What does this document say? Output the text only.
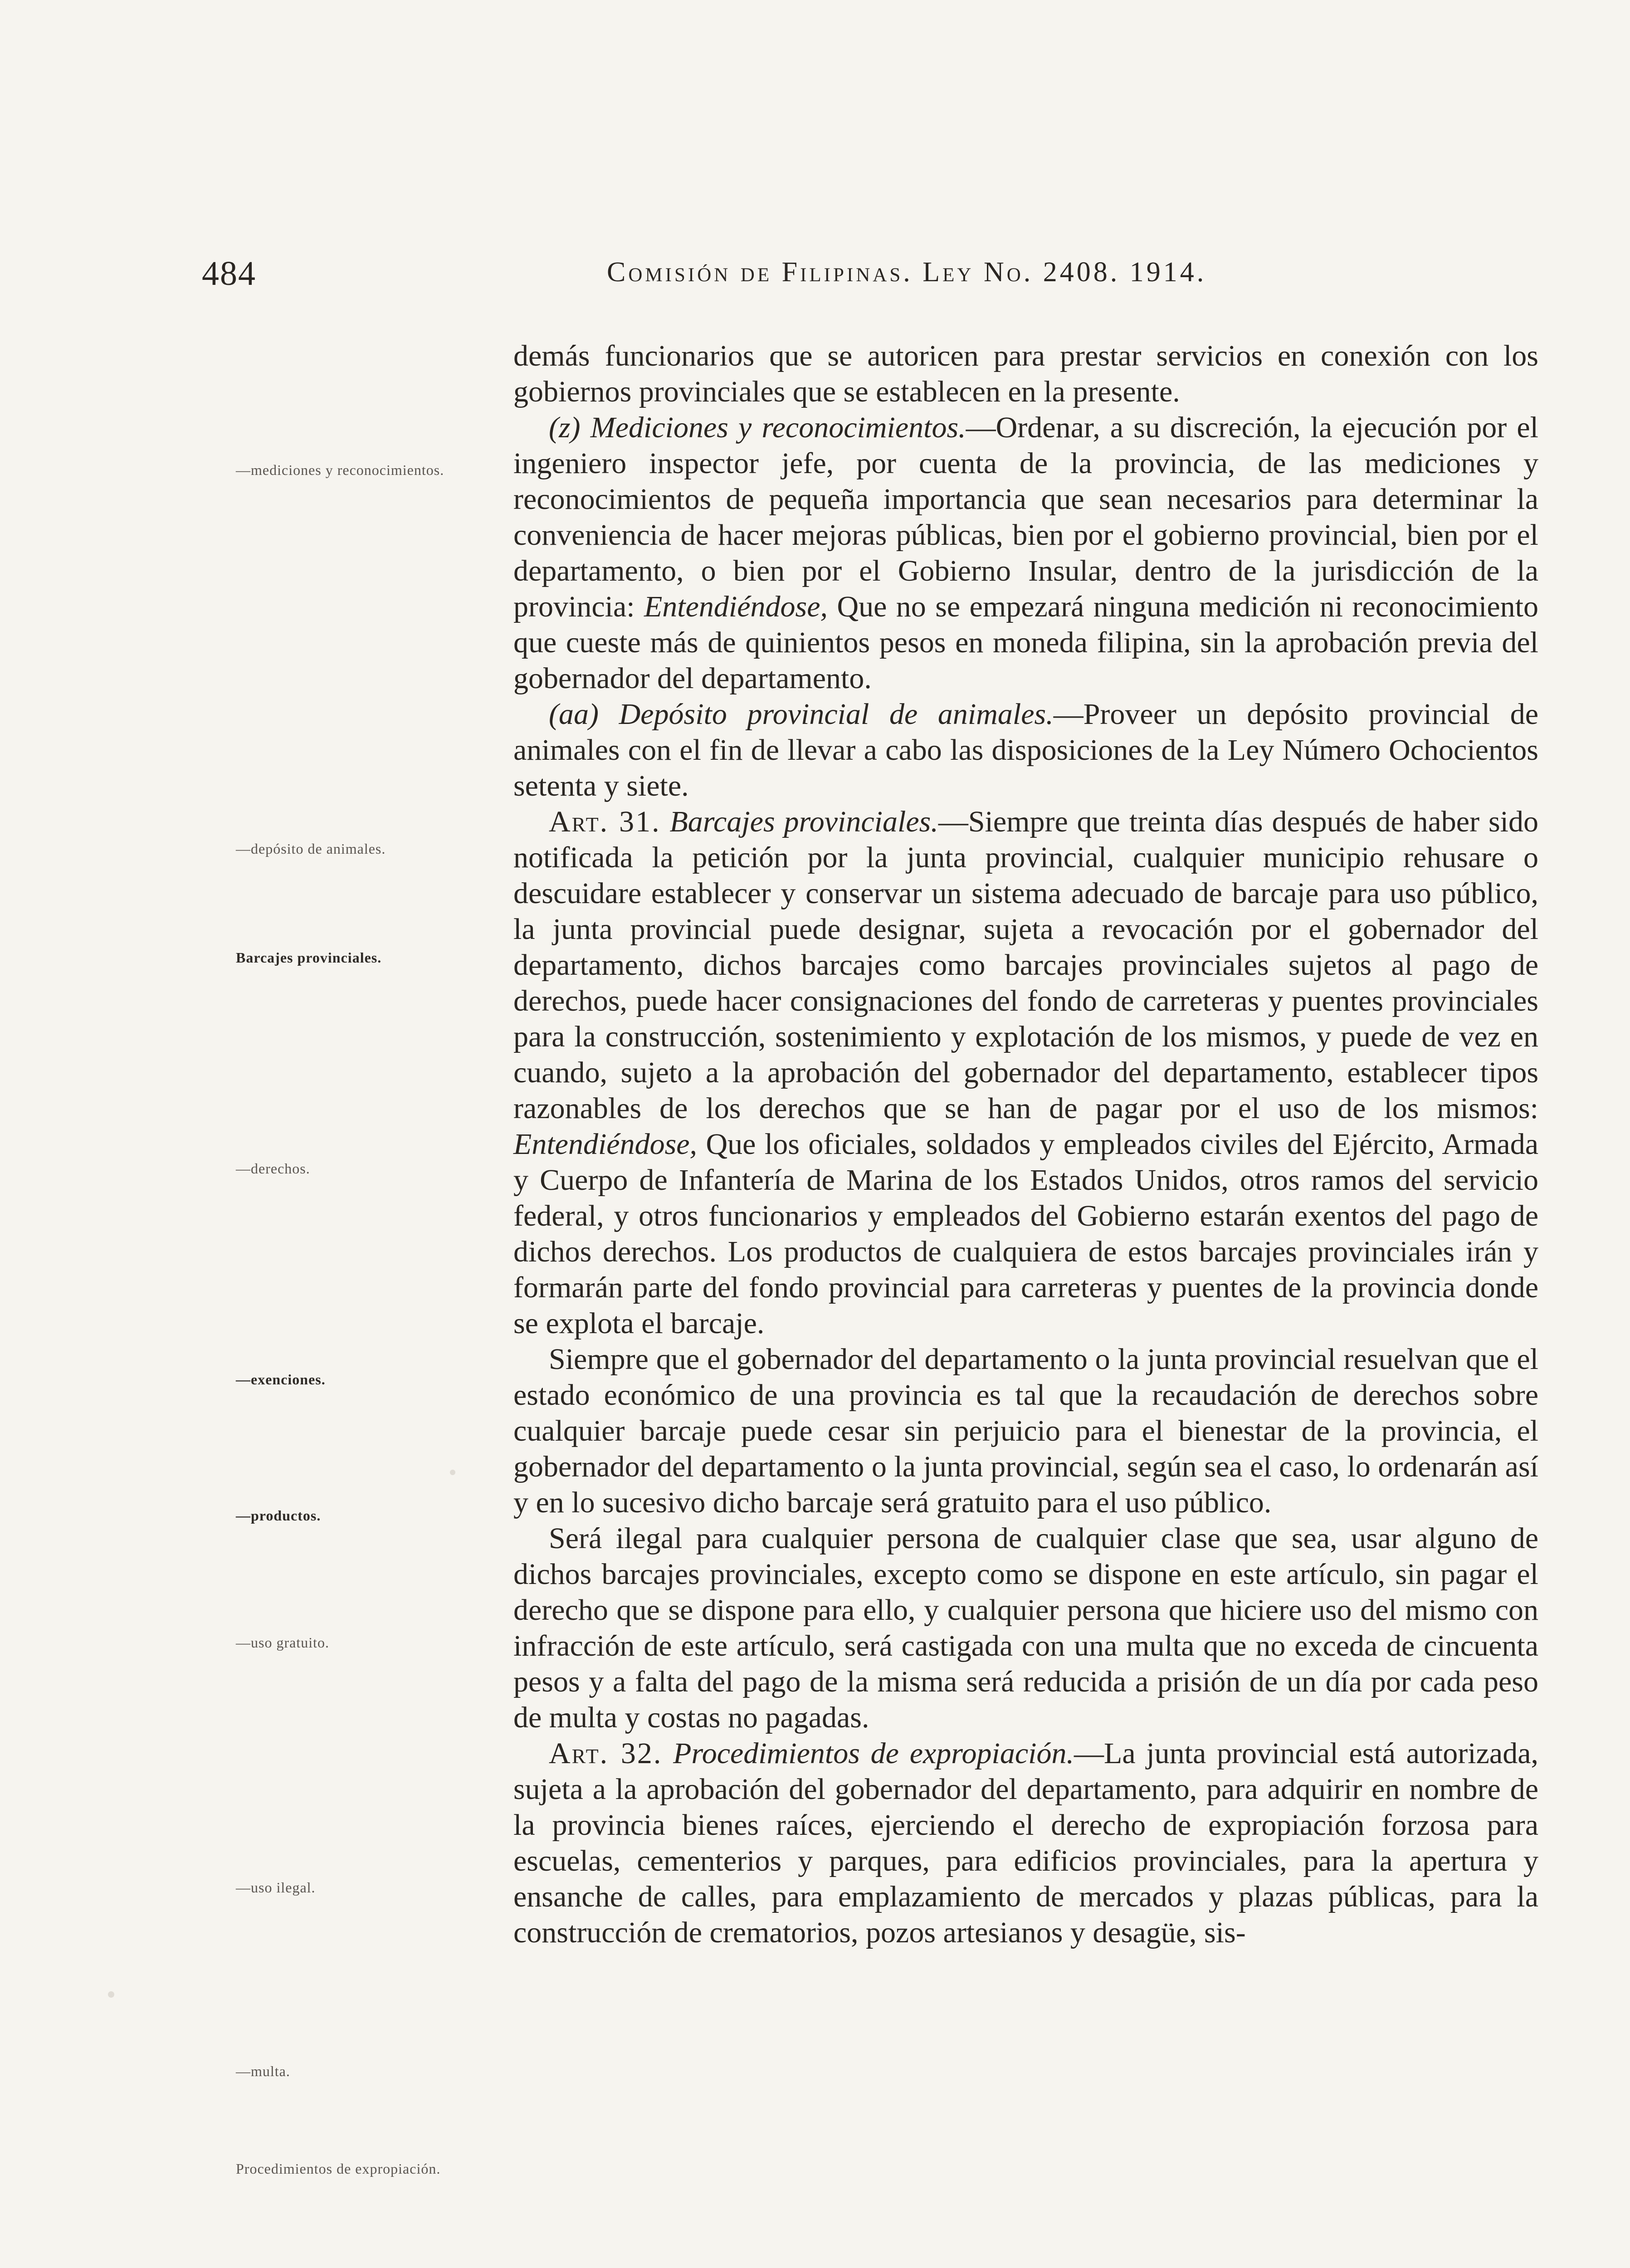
484	Comisión de Filipinas. Ley No. 2408. 1914.
—mediciones y reconocimientos.
—depósito de animales.
Barcajes provinciales.
—derechos.
—exenciones.
—productos.
—uso gratuito.
—uso ilegal.
—multa.
Procedimientos de expropiación.

demás funcionarios que se autoricen para prestar servicios en conexión con los gobiernos provinciales que se establecen en la presente.

(z) Mediciones y reconocimientos.—Ordenar, a su discreción, la ejecución por el ingeniero inspector jefe, por cuenta de la provincia, de las mediciones y reconocimientos de pequeña importancia que sean necesarios para determinar la conveniencia de hacer mejoras públicas, bien por el gobierno provincial, bien por el departamento, o bien por el Gobierno Insular, dentro de la jurisdicción de la provincia: Entendiéndose, Que no se empezará ninguna medición ni reconocimiento que cueste más de quinientos pesos en moneda filipina, sin la aprobación previa del gobernador del departamento.

(aa) Depósito provincial de animales.—Proveer un depósito provincial de animales con el fin de llevar a cabo las disposiciones de la Ley Número Ochocientos setenta y siete.

Art. 31. Barcajes provinciales.—Siempre que treinta días después de haber sido notificada la petición por la junta provincial, cualquier municipio rehusare o descuidare establecer y conservar un sistema adecuado de barcaje para uso público, la junta provincial puede designar, sujeta a revocación por el gobernador del departamento, dichos barcajes como barcajes provinciales sujetos al pago de derechos, puede hacer consignaciones del fondo de carreteras y puentes provinciales para la construcción, sostenimiento y explotación de los mismos, y puede de vez en cuando, sujeto a la aprobación del gobernador del departamento, establecer tipos razonables de los derechos que se han de pagar por el uso de los mismos: Entendiéndose, Que los oficiales, soldados y empleados civiles del Ejército, Armada y Cuerpo de Infantería de Marina de los Estados Unidos, otros ramos del servicio federal, y otros funcionarios y empleados del Gobierno estarán exentos del pago de dichos derechos. Los productos de cualquiera de estos barcajes provinciales irán y formarán parte del fondo provincial para carreteras y puentes de la provincia donde se explota el barcaje.

Siempre que el gobernador del departamento o la junta provincial resuelvan que el estado económico de una provincia es tal que la recaudación de derechos sobre cualquier barcaje puede cesar sin perjuicio para el bienestar de la provincia, el gobernador del departamento o la junta provincial, según sea el caso, lo ordenarán así y en lo sucesivo dicho barcaje será gratuito para el uso público.

Será ilegal para cualquier persona de cualquier clase que sea, usar alguno de dichos barcajes provinciales, excepto como se dispone en este artículo, sin pagar el derecho que se dispone para ello, y cualquier persona que hiciere uso del mismo con infracción de este artículo, será castigada con una multa que no exceda de cincuenta pesos y a falta del pago de la misma será reducida a prisión de un día por cada peso de multa y costas no pagadas.

Art. 32. Procedimientos de expropiación.—La junta provincial está autorizada, sujeta a la aprobación del gobernador del departamento, para adquirir en nombre de la provincia bienes raíces, ejerciendo el derecho de expropiación forzosa para escuelas, cementerios y parques, para edificios provinciales, para la apertura y ensanche de calles, para emplazamiento de mercados y plazas públicas, para la construcción de crematorios, pozos artesianos y desagüe, sis-
